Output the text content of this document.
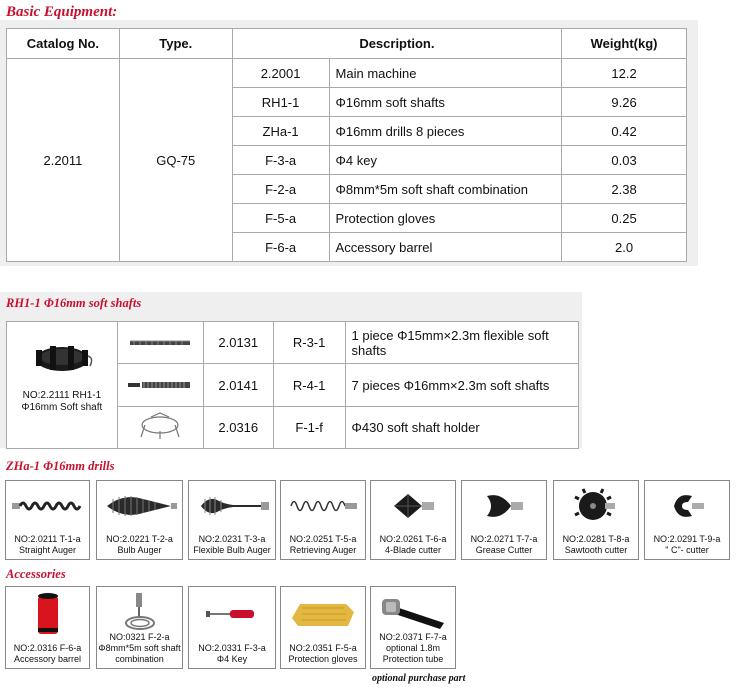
Basic Equipment:
Catalog No.	Type.	Description.		Weight(kg)
2.2011	GQ-75	2.2001	Main machine	12.2
		RH1-1	Φ16mm soft shafts	9.26
		ZHa-1	Φ16mm drills 8 pieces	0.42
		F-3-a	Φ4 key	0.03
		F-2-a	Φ8mm*5m soft shaft combination	2.38
		F-5-a	Protection gloves	0.25
		F-6-a	Accessory barrel	2.0
RH1-1 Φ16mm soft shafts
NO:2.2111 RH1-1
Φ16mm Soft shaft		2.0131	R-3-1	1 piece Φ15mm×2.3m flexible soft shafts
	2.0141	R-4-1	7 pieces Φ16mm×2.3m soft shafts
	2.0316	F-1-f	Φ430 soft shaft holder
ZHa-1 Φ16mm drills
NO:2.0211 T-1-a
Straight Auger
NO:2.0221 T-2-a
Bulb Auger
NO:2.0231 T-3-a
Flexible Bulb Auger
NO:2.0251 T-5-a
Retrieving Auger
NO:2.0261 T-6-a
4-Blade cutter
NO:2.0271 T-7-a
Grease Cutter
NO:2.0281 T-8-a
Sawtooth cutter
NO:2.0291 T-9-a
" C"- cutter
Accessories
NO:2.0316 F-6-a
Accessory barrel
NO:0321 F-2-a
Φ8mm*5m soft shaft
combination
NO:2.0331 F-3-a
Φ4 Key
NO:2.0351 F-5-a
Protection gloves
NO:2.0371 F-7-a
optional 1.8m
Protection tube
optional purchase part
